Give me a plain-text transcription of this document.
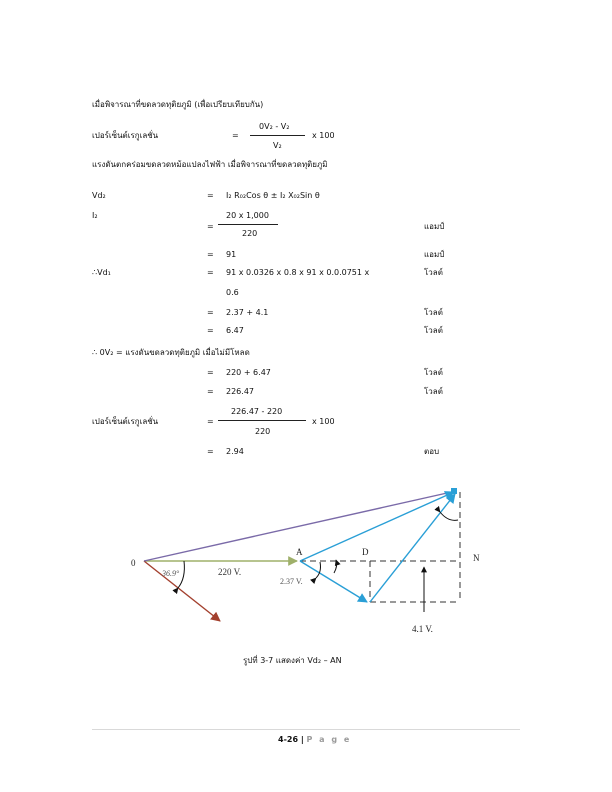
เมื่อพิจารณาที่ขดลวดทุติยภูมิ (เพื่อเปรียบเทียบกัน)
เปอร์เซ็นต์เรกูเลชั่น	=
0V₂ - V₂
V₂
x 100
แรงดันตกคร่อมขดลวดหม้อแปลงไฟฟ้า เมื่อพิจารณาที่ขดลวดทุติยภูมิ
Vd₂	= I₂ R₀₂Cos θ ± I₂ X₀₂Sin θ
I₂	20 x 1,000
=
220
แอมป์
= 91	แอมป์
∴Vd₁	= 91 x 0.0326 x 0.8 x 91 x 0.0.0751 x	โวลต์
0.6
= 2.37 + 4.1	โวลต์
= 6.47	โวลต์
∴ 0V₂ = แรงดันขดลวดทุติยภูมิ เมื่อไม่มีโหลด
= 220 + 6.47	โวลต์
= 226.47	โวลต์
เปอร์เซ็นต์เรกูเลชั่น
226.47 - 220
=
220
x 100
= 2.94	ตอบ
0
36.9°	220 V.
A
2.37 V.
D
N
4.1 V.
รูปที่ 3-7 แสดงค่า Vd₂ – AN
4-26 | P a g e
